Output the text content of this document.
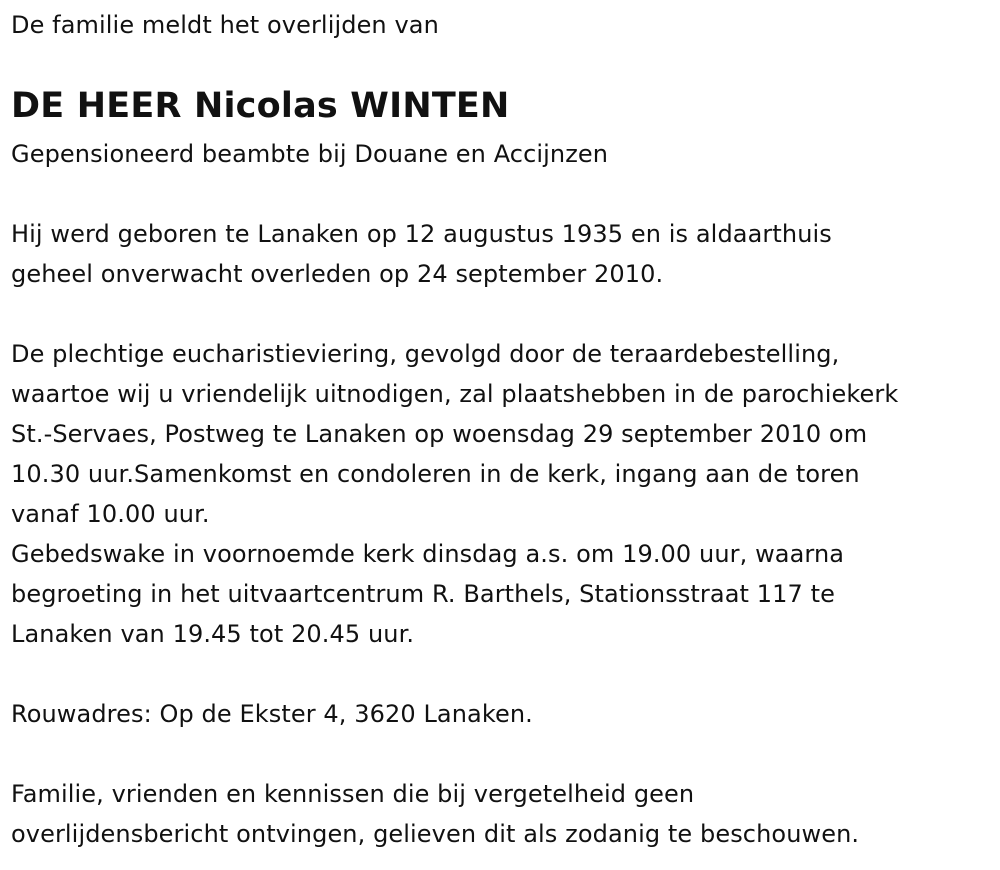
De familie meldt het overlijden van
DE HEER Nicolas WINTEN
Gepensioneerd beambte bij Douane en Accijnzen
Hij werd geboren te Lanaken op 12 augustus 1935 en is aldaarthuis
geheel onverwacht overleden op 24 september 2010.
De plechtige eucharistieviering, gevolgd door de teraardebestelling,
waartoe wij u vriendelijk uitnodigen, zal plaatshebben in de parochiekerk
St.-Servaes, Postweg te Lanaken op woensdag 29 september 2010 om
10.30 uur.Samenkomst en condoleren in de kerk, ingang aan de toren
vanaf 10.00 uur.
Gebedswake in voornoemde kerk dinsdag a.s. om 19.00 uur, waarna
begroeting in het uitvaartcentrum R. Barthels, Stationsstraat 117 te
Lanaken van 19.45 tot 20.45 uur.
Rouwadres: Op de Ekster 4, 3620 Lanaken.
Familie, vrienden en kennissen die bij vergetelheid geen
overlijdensbericht ontvingen, gelieven dit als zodanig te beschouwen.
